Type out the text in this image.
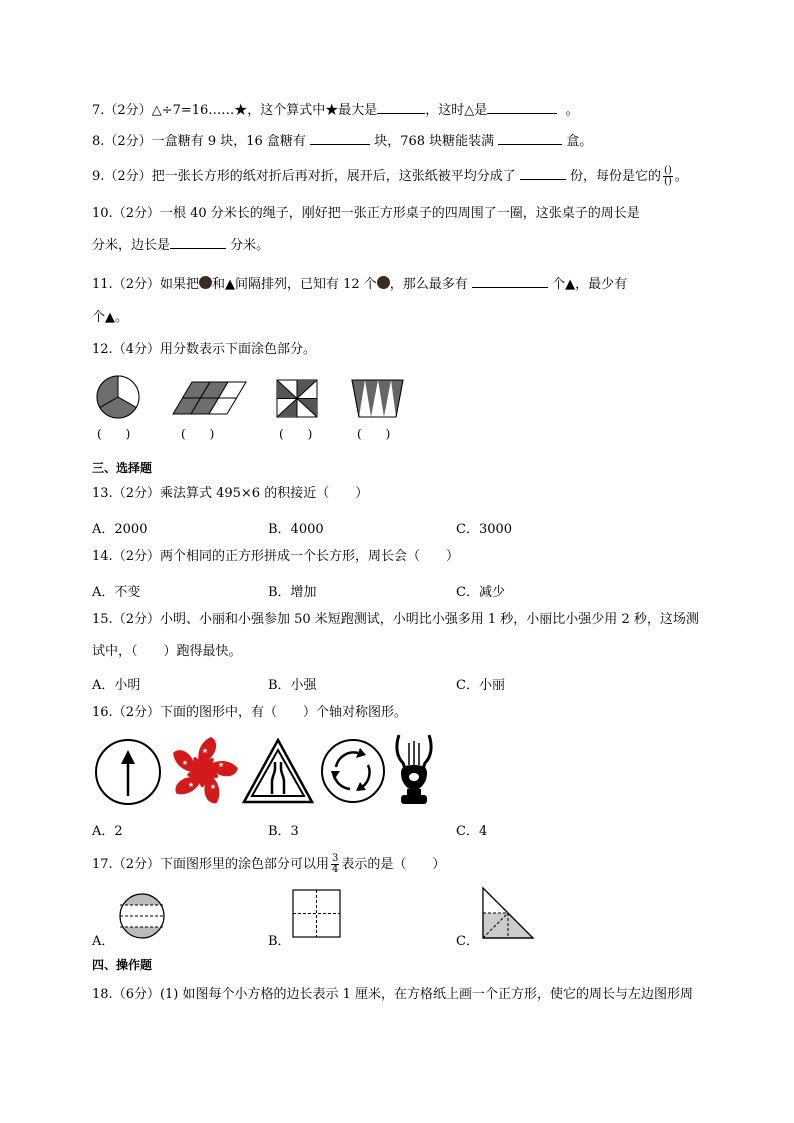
7.（2分）△÷7=16……★，这个算式中★最大是	，这时△是	。
8.（2分）一盒糖有 9 块，16 盒糖有	块，768 块糖能装满	盒。
9.（2分）把一张长方形的纸对折后再对折，展开后，这张纸被平均分成了	份，每份是它的 $\frac{()}{()}$ 。
10.（2分）一根 40 分米长的绳子，刚好把一张正方形桌子的四周围了一圈，这张桌子的周长是
分米，边长是	分米。
11.（2分）如果把 和▲间隔排列，已知有 12 个 ，那么最多有	个▲，最少有
个▲。
12.（4分）用分数表示下面涂色部分。
(　　)	(　　)	(　　)	(　　)
三、选择题
13.（2分）乘法算式 495×6 的积接近（　　）
A．2000	B．4000	C．3000
14.（2分）两个相同的正方形拼成一个长方形，周长会（　　）
A．不变	B．增加	C．减少
15.（2分）小明、小丽和小强参加 50 米短跑测试，小明比小强多用 1 秒，小丽比小强少用 2 秒，这场测
试中，（　　）跑得最快。
A．小明	B．小强	C．小丽
16.（2分）下面的图形中，有（　　）个轴对称图形。
★
★
★
★
★
A．2	B．3	C．4
17.（2分）下面图形里的涂色部分可以用 $\frac{3}{4}$ 表示的是（　　）
A．	B．	C．
四、操作题
18.（6分）(1) 如图每个小方格的边长表示 1 厘米，在方格纸上画一个正方形，使它的周长与左边图形周
